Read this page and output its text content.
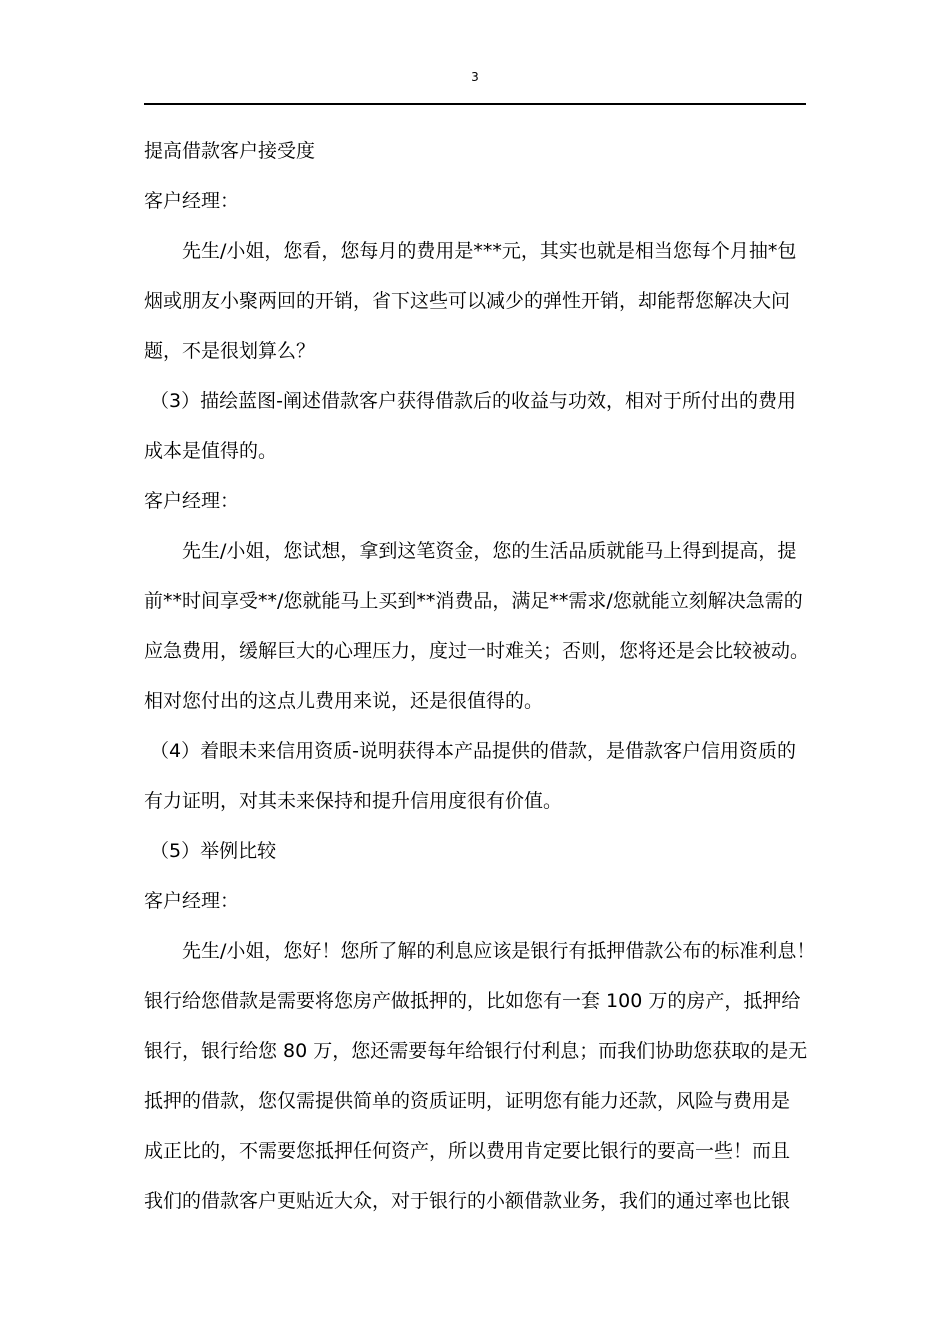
3
提高借款客户接受度
客户经理：
先生/小姐，您看，您每月的费用是***元，其实也就是相当您每个月抽*包
烟或朋友小聚两回的开销，省下这些可以减少的弹性开销，却能帮您解决大问
题，不是很划算么？
（3）描绘蓝图-阐述借款客户获得借款后的收益与功效，相对于所付出的费用
成本是值得的。
客户经理：
先生/小姐，您试想，拿到这笔资金，您的生活品质就能马上得到提高，提
前**时间享受**/您就能马上买到**消费品，满足**需求/您就能立刻解决急需的
应急费用，缓解巨大的心理压力，度过一时难关；否则，您将还是会比较被动。
相对您付出的这点儿费用来说，还是很值得的。
（4）着眼未来信用资质-说明获得本产品提供的借款，是借款客户信用资质的
有力证明，对其未来保持和提升信用度很有价值。
（5）举例比较
客户经理：
先生/小姐，您好！您所了解的利息应该是银行有抵押借款公布的标准利息！
银行给您借款是需要将您房产做抵押的，比如您有一套 100 万的房产，抵押给
银行，银行给您 80 万，您还需要每年给银行付利息；而我们协助您获取的是无
抵押的借款，您仅需提供简单的资质证明，证明您有能力还款，风险与费用是
成正比的，不需要您抵押任何资产，所以费用肯定要比银行的要高一些！而且
我们的借款客户更贴近大众，对于银行的小额借款业务，我们的通过率也比银
